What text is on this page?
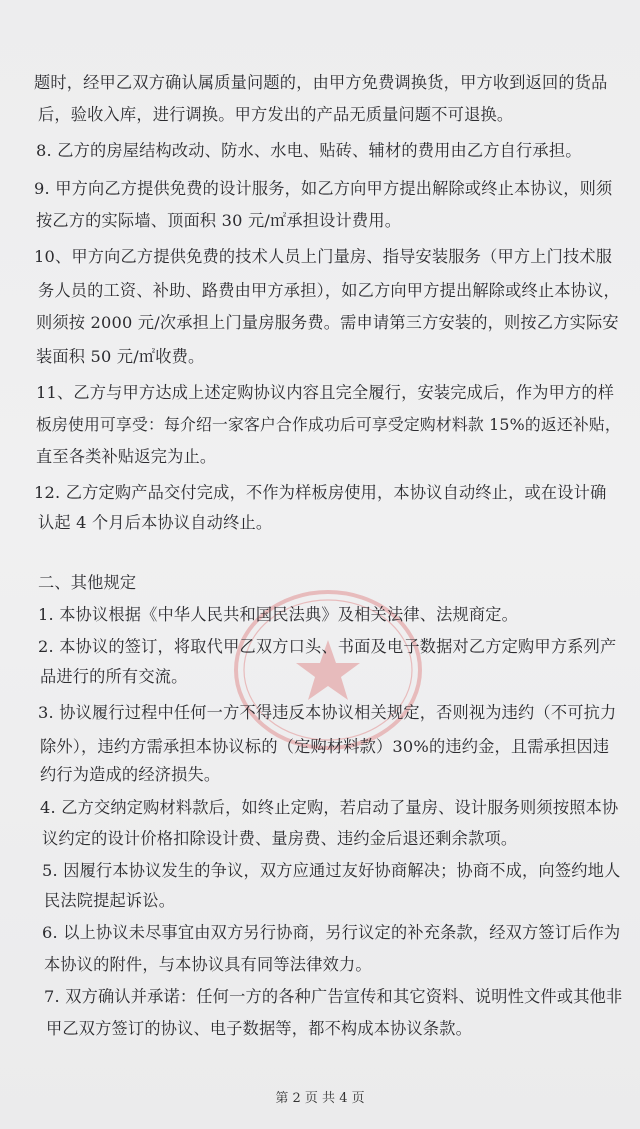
题时，经甲乙双方确认属质量问题的，由甲方免费调换货，甲方收到返回的货品
后，验收入库，进行调换。甲方发出的产品无质量问题不可退换。
8. 乙方的房屋结构改动、防水、水电、贴砖、辅材的费用由乙方自行承担。
9. 甲方向乙方提供免费的设计服务，如乙方向甲方提出解除或终止本协议，则须
按乙方的实际墙、顶面积 30 元/㎡承担设计费用。
10、甲方向乙方提供免费的技术人员上门量房、指导安装服务（甲方上门技术服
务人员的工资、补助、路费由甲方承担），如乙方向甲方提出解除或终止本协议，
则须按 2000 元/次承担上门量房服务费。需申请第三方安装的，则按乙方实际安
装面积 50 元/㎡收费。
11、乙方与甲方达成上述定购协议内容且完全履行，安装完成后，作为甲方的样
板房使用可享受：每介绍一家客户合作成功后可享受定购材料款 15%的返还补贴，
直至各类补贴返完为止。
12. 乙方定购产品交付完成，不作为样板房使用，本协议自动终止，或在设计确
认起 4 个月后本协议自动终止。
二、其他规定
1. 本协议根据《中华人民共和国民法典》及相关法律、法规商定。
2. 本协议的签订，将取代甲乙双方口头、书面及电子数据对乙方定购甲方系列产
品进行的所有交流。
3. 协议履行过程中任何一方不得违反本协议相关规定，否则视为违约（不可抗力
除外），违约方需承担本协议标的（定购材料款）30%的违约金，且需承担因违
约行为造成的经济损失。
4. 乙方交纳定购材料款后，如终止定购，若启动了量房、设计服务则须按照本协
议约定的设计价格扣除设计费、量房费、违约金后退还剩余款项。
5. 因履行本协议发生的争议，双方应通过友好协商解决；协商不成，向签约地人
民法院提起诉讼。
6. 以上协议未尽事宜由双方另行协商，另行议定的补充条款，经双方签订后作为
本协议的附件，与本协议具有同等法律效力。
7. 双方确认并承诺：任何一方的各种广告宣传和其它资料、说明性文件或其他非
甲乙双方签订的协议、电子数据等，都不构成本协议条款。
第 2 页 共 4 页
